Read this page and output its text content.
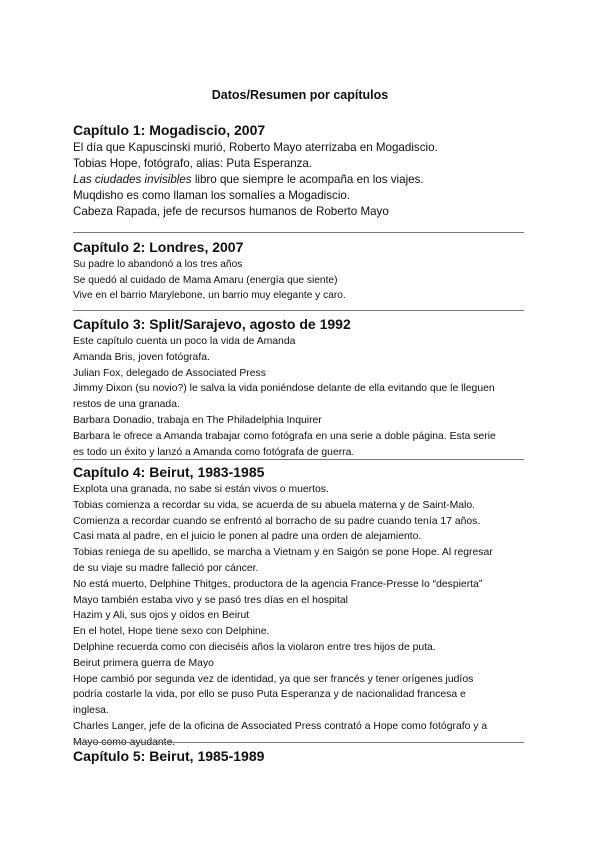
Datos/Resumen por capítulos
Capítulo 1: Mogadiscio, 2007
El día que Kapuscinski murió, Roberto Mayo aterrizaba en Mogadiscio.
Tobias Hope, fotógrafo, alias: Puta Esperanza.
Las ciudades invisibles libro que siempre le acompaña en los viajes.
Muqdisho es como llaman los somalíes a Mogadiscio.
Cabeza Rapada, jefe de recursos humanos de Roberto Mayo
Capítulo 2: Londres, 2007
Su padre lo abandonó a los tres años
Se quedó al cuidado de Mama Amaru (energía que siente)
Vive en el barrio Marylebone, un barrio muy elegante y caro.
Capítulo 3: Split/Sarajevo, agosto de 1992
Este capítulo cuenta un poco la vida de Amanda
Amanda Bris, joven fotógrafa.
Julian Fox, delegado de Associated Press
Jimmy Dixon (su novio?) le salva la vida poniéndose delante de ella evitando que le lleguen
restos de una granada.
Barbara Donadio, trabaja en The Philadelphia Inquirer
Barbara le ofrece a Amanda trabajar como fotógrafa en una serie a doble página. Esta serie
es todo un éxito y lanzó a Amanda como fotógrafa de guerra.
Capítulo 4: Beirut, 1983-1985
Explota una granada, no sabe si están vivos o muertos.
Tobias comienza a recordar su vida, se acuerda de su abuela materna y de Saint-Malo.
Comienza a recordar cuando se enfrentó al borracho de su padre cuando tenía 17 años.
Casi mata al padre, en el juicio le ponen al padre una orden de alejamiento.
Tobias reniega de su apellido, se marcha a Vietnam y en Saigón se pone Hope. Al regresar
de su viaje su madre falleció por cáncer.
No está muerto, Delphine Thitges, productora de la agencia France-Presse lo “despierta”
Mayo también estaba vivo y se pasó tres días en el hospital
Hazim y Ali, sus ojos y oídos en Beirut
En el hotel, Hope tiene sexo con Delphine.
Delphine recuerda como con dieciséis años la violaron entre tres hijos de puta.
Beirut primera guerra de Mayo
Hope cambió por segunda vez de identidad, ya que ser francés y tener orígenes judíos
podría costarle la vida, por ello se puso Puta Esperanza y de nacionalidad francesa e
inglesa.
Charles Langer, jefe de la oficina de Associated Press contrató a Hope como fotógrafo y a
Mayo como ayudante.
Capítulo 5: Beirut, 1985-1989
